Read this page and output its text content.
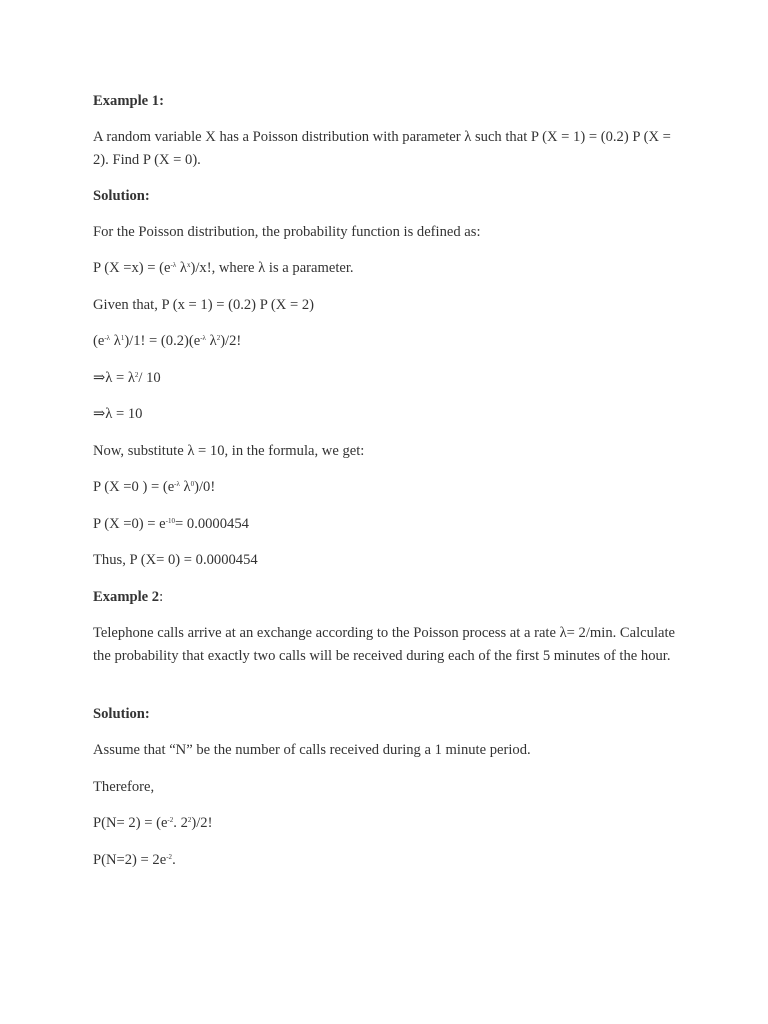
Example 1:
A random variable X has a Poisson distribution with parameter λ such that P (X = 1) = (0.2) P (X = 2). Find P (X = 0).
Solution:
For the Poisson distribution, the probability function is defined as:
P $(X =x) = (e^{-\lambda}$ $\lambda^x)/x$!, where λ is a parameter.
Given that, P (x = 1) = (0.2) P (X = 2)
($e^{-\lambda}$ $\lambda^1)/1$! = $(0.2)(e^{-\lambda}$ $\lambda^2)/2$!
⇒λ = $\lambda^2/$ 10
⇒λ = 10
Now, substitute λ = 10, in the formula, we get:
P (X =0 ) = ($e^{-\lambda}$ $\lambda^0)/0$!
P $(X =0) = e^{-10}= 0.0000454$
Thus, P (X= 0) = 0.0000454
Example 2:
Telephone calls arrive at an exchange according to the Poisson process at a rate λ= 2/min. Calculate the probability that exactly two calls will be received during each of the first 5 minutes of the hour.
Solution:
Assume that “N” be the number of calls received during a 1 minute period.
Therefore,
$P(N= 2) = (e^{-2}$. $2^2)/2$!
$P(N=2) = 2e^{-2}$.
